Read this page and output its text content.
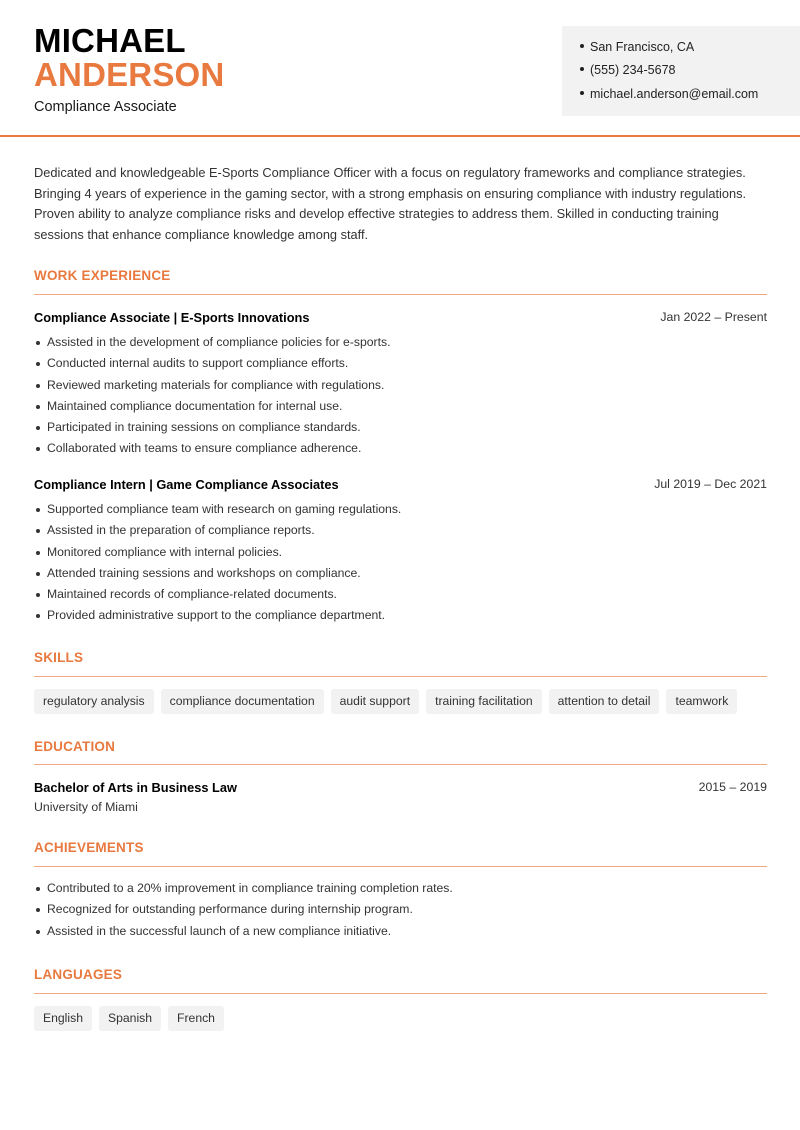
MICHAEL
ANDERSON
Compliance Associate
San Francisco, CA
(555) 234-5678
michael.anderson@email.com
Dedicated and knowledgeable E-Sports Compliance Officer with a focus on regulatory frameworks and compliance strategies. Bringing 4 years of experience in the gaming sector, with a strong emphasis on ensuring compliance with industry regulations. Proven ability to analyze compliance risks and develop effective strategies to address them. Skilled in conducting training sessions that enhance compliance knowledge among staff.
WORK EXPERIENCE
Compliance Associate | E-Sports Innovations	Jan 2022 – Present
Assisted in the development of compliance policies for e-sports.
Conducted internal audits to support compliance efforts.
Reviewed marketing materials for compliance with regulations.
Maintained compliance documentation for internal use.
Participated in training sessions on compliance standards.
Collaborated with teams to ensure compliance adherence.
Compliance Intern | Game Compliance Associates	Jul 2019 – Dec 2021
Supported compliance team with research on gaming regulations.
Assisted in the preparation of compliance reports.
Monitored compliance with internal policies.
Attended training sessions and workshops on compliance.
Maintained records of compliance-related documents.
Provided administrative support to the compliance department.
SKILLS
regulatory analysis	compliance documentation	audit support	training facilitation	attention to detail	teamwork
EDUCATION
Bachelor of Arts in Business Law	2015 – 2019
University of Miami
ACHIEVEMENTS
Contributed to a 20% improvement in compliance training completion rates.
Recognized for outstanding performance during internship program.
Assisted in the successful launch of a new compliance initiative.
LANGUAGES
English	Spanish	French
